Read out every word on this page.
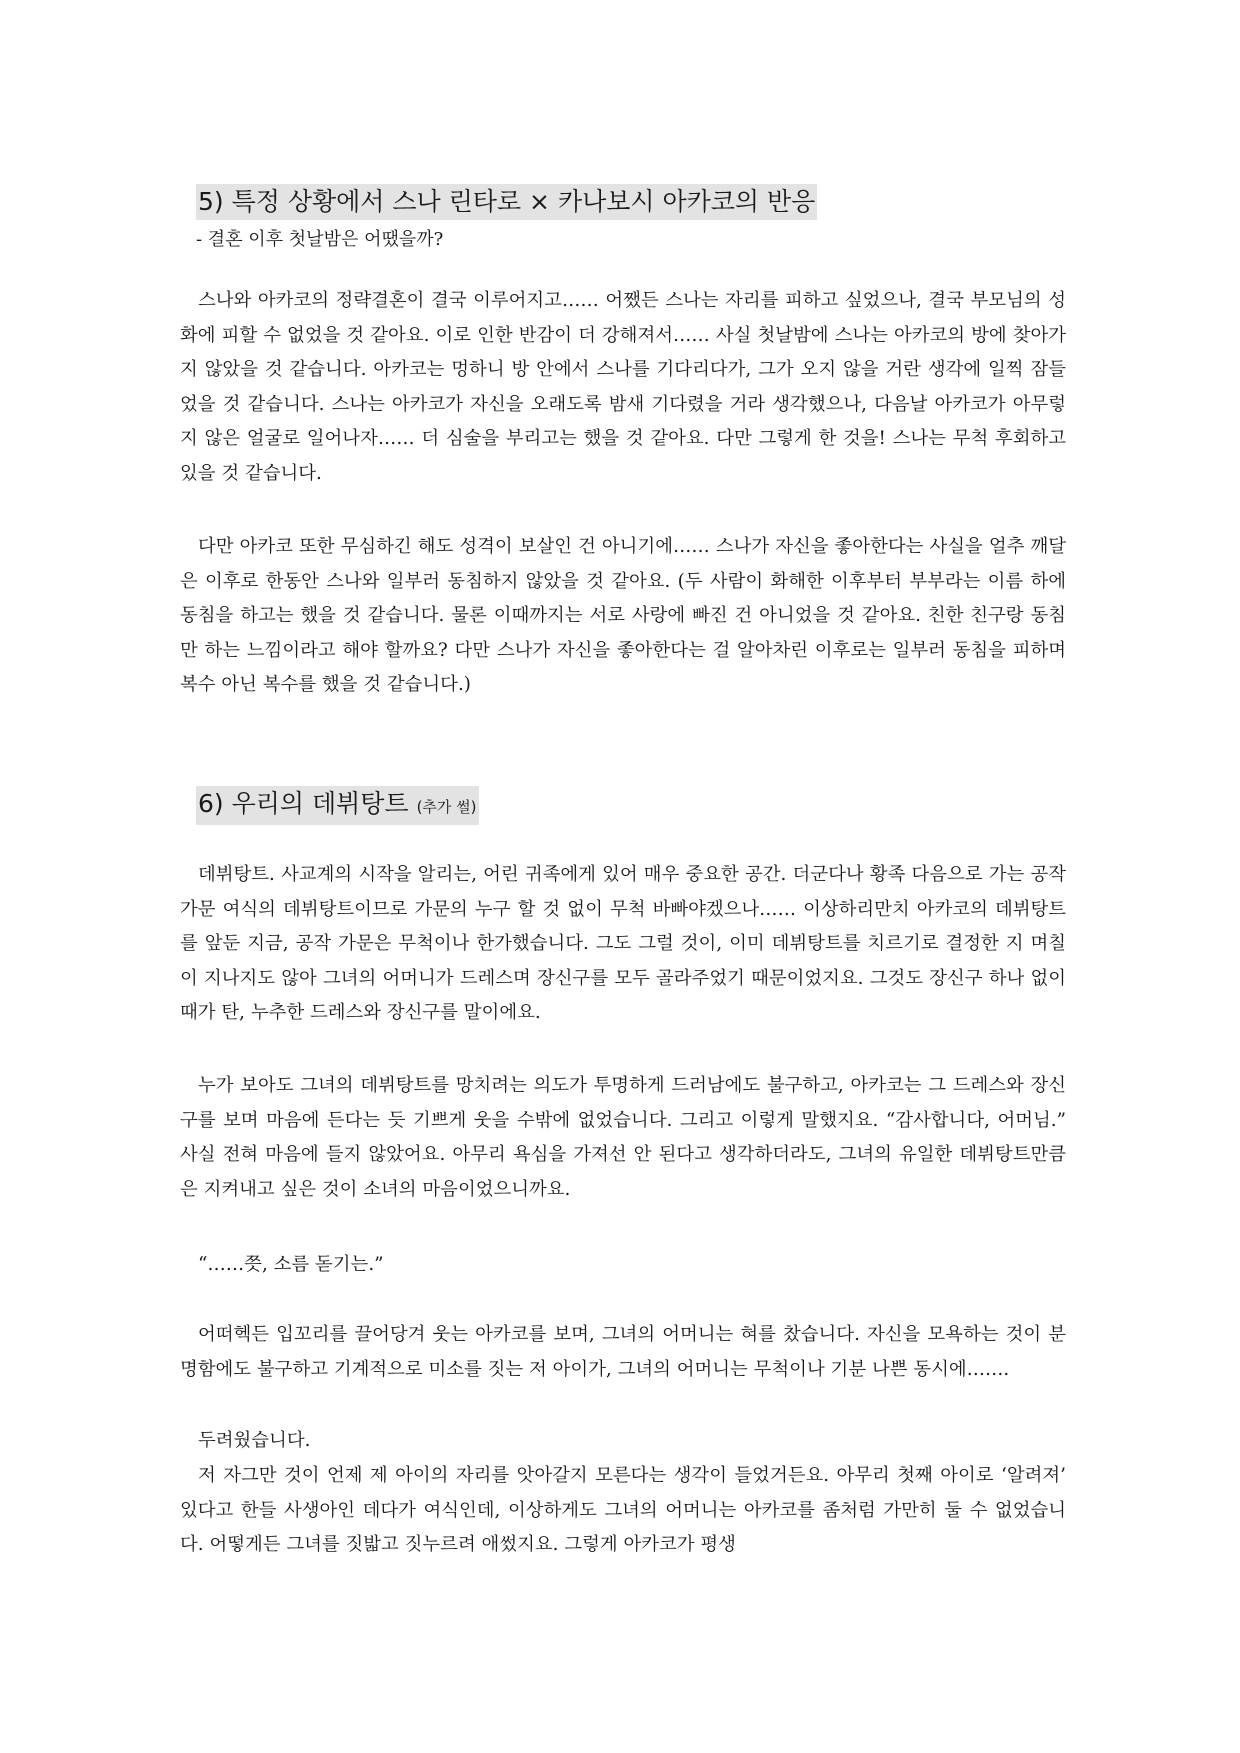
5) 특정 상황에서 스나 린타로 × 카나보시 아카코의 반응
- 결혼 이후 첫날밤은 어땠을까?

스나와 아카코의 정략결혼이 결국 이루어지고…… 어쨌든 스나는 자리를 피하고 싶었으나, 결국 부모님의 성화에 피할 수 없었을 것 같아요. 이로 인한 반감이 더 강해져서…… 사실 첫날밤에 스나는 아카코의 방에 찾아가지 않았을 것 같습니다. 아카코는 멍하니 방 안에서 스나를 기다리다가, 그가 오지 않을 거란 생각에 일찍 잠들었을 것 같습니다. 스나는 아카코가 자신을 오래도록 밤새 기다렸을 거라 생각했으나, 다음날 아카코가 아무렇지 않은 얼굴로 일어나자…… 더 심술을 부리고는 했을 것 같아요. 다만 그렇게 한 것을! 스나는 무척 후회하고 있을 것 같습니다.

다만 아카코 또한 무심하긴 해도 성격이 보살인 건 아니기에…… 스나가 자신을 좋아한다는 사실을 얼추 깨달은 이후로 한동안 스나와 일부러 동침하지 않았을 것 같아요. (두 사람이 화해한 이후부터 부부라는 이름 하에 동침을 하고는 했을 것 같습니다. 물론 이때까지는 서로 사랑에 빠진 건 아니었을 것 같아요. 친한 친구랑 동침만 하는 느낌이라고 해야 할까요? 다만 스나가 자신을 좋아한다는 걸 알아차린 이후로는 일부러 동침을 피하며 복수 아닌 복수를 했을 것 같습니다.)

6) 우리의 데뷔탕트 (추가 썰)

데뷔탕트. 사교계의 시작을 알리는, 어린 귀족에게 있어 매우 중요한 공간. 더군다나 황족 다음으로 가는 공작 가문 여식의 데뷔탕트이므로 가문의 누구 할 것 없이 무척 바빠야겠으나…… 이상하리만치 아카코의 데뷔탕트를 앞둔 지금, 공작 가문은 무척이나 한가했습니다. 그도 그럴 것이, 이미 데뷔탕트를 치르기로 결정한 지 며칠이 지나지도 않아 그녀의 어머니가 드레스며 장신구를 모두 골라주었기 때문이었지요. 그것도 장신구 하나 없이 때가 탄, 누추한 드레스와 장신구를 말이에요.

누가 보아도 그녀의 데뷔탕트를 망치려는 의도가 투명하게 드러남에도 불구하고, 아카코는 그 드레스와 장신구를 보며 마음에 든다는 듯 기쁘게 웃을 수밖에 없었습니다. 그리고 이렇게 말했지요. “감사합니다, 어머님.” 사실 전혀 마음에 들지 않았어요. 아무리 욕심을 가져선 안 된다고 생각하더라도, 그녀의 유일한 데뷔탕트만큼은 지켜내고 싶은 것이 소녀의 마음이었으니까요.

“……쯧, 소름 돋기는.”

어떠헥든 입꼬리를 끌어당겨 웃는 아카코를 보며, 그녀의 어머니는 혀를 찼습니다. 자신을 모욕하는 것이 분명함에도 불구하고 기계적으로 미소를 짓는 저 아이가, 그녀의 어머니는 무척이나 기분 나쁜 동시에…….

두려웠습니다.

저 자그만 것이 언제 제 아이의 자리를 앗아갈지 모른다는 생각이 들었거든요. 아무리 첫째 아이로 ‘알려져’ 있다고 한들 사생아인 데다가 여식인데, 이상하게도 그녀의 어머니는 아카코를 좀처럼 가만히 둘 수 없었습니다. 어떻게든 그녀를 짓밟고 짓누르려 애썼지요. 그렇게 아카코가 평생
